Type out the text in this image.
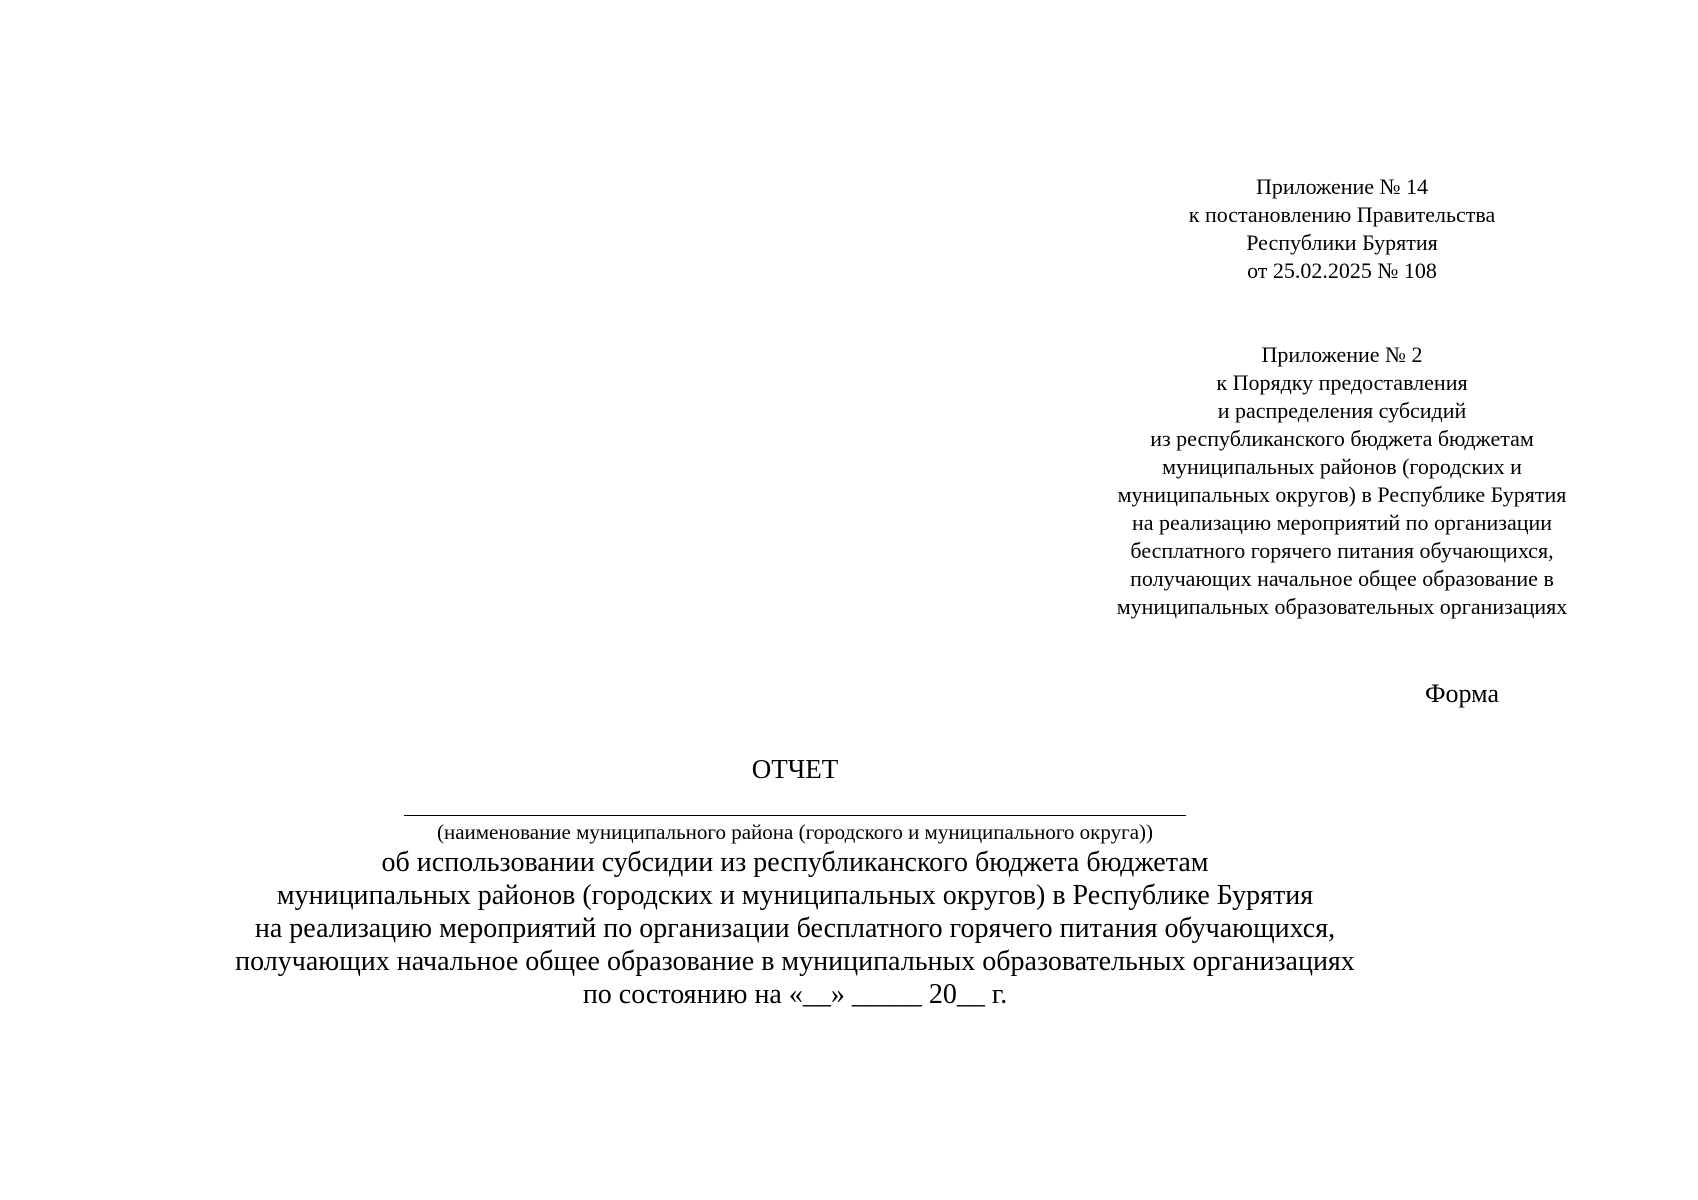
Приложение № 14
к постановлению Правительства
Республики Бурятия
от 25.02.2025 № 108
Приложение № 2
к Порядку предоставления
и распределения субсидий
из республиканского бюджета бюджетам
муниципальных районов (городских и
муниципальных округов) в Республике Бурятия
на реализацию мероприятий по организации
бесплатного горячего питания обучающихся,
получающих начальное общее образование в
муниципальных образовательных организациях
Форма
ОТЧЕТ
(наименование муниципального района (городского и муниципального округа))
об использовании субсидии из республиканского бюджета бюджетам
муниципальных районов (городских и муниципальных округов) в Республике Бурятия
на реализацию мероприятий по организации бесплатного горячего питания обучающихся,
получающих начальное общее образование в муниципальных образовательных организациях
по состоянию на «__» _____ 20__ г.
